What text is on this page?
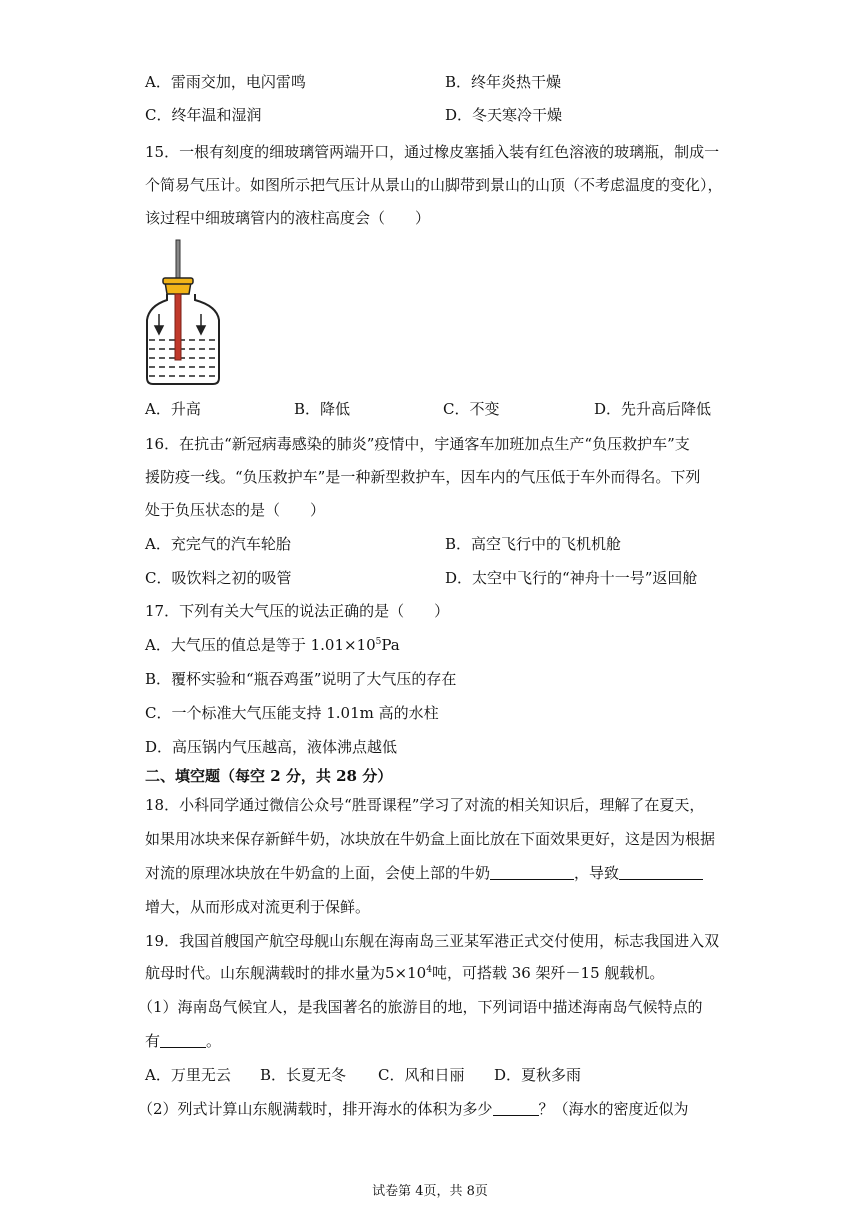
A．雷雨交加，电闪雷鸣	B．终年炎热干燥
C．终年温和湿润	D．冬天寒冷干燥
15．一根有刻度的细玻璃管两端开口，通过橡皮塞插入装有红色溶液的玻璃瓶，制成一
个简易气压计。如图所示把气压计从景山的山脚带到景山的山顶（不考虑温度的变化），
该过程中细玻璃管内的液柱高度会（　　）
A．升高	B．降低	C．不变	D．先升高后降低
16．在抗击“新冠病毒感染的肺炎”疫情中，宇通客车加班加点生产“负压救护车”支
援防疫一线。“负压救护车”是一种新型救护车，因车内的气压低于车外而得名。下列
处于负压状态的是（　　）
A．充完气的汽车轮胎	B．高空飞行中的飞机机舱
C．吸饮料之初的吸管	D．太空中飞行的“神舟十一号”返回舱
17．下列有关大气压的说法正确的是（　　）
A．大气压的值总是等于 $1.01\times 10^5Pa$
B．覆杯实验和“瓶吞鸡蛋”说明了大气压的存在
C．一个标准大气压能支持 1.01m 高的水柱
D．高压锅内气压越高，液体沸点越低
二、填空题（每空 2 分，共 28 分）
18．小科同学通过微信公众号“胜哥课程”学习了对流的相关知识后，理解了在夏天，
如果用冰块来保存新鲜牛奶，冰块放在牛奶盒上面比放在下面效果更好，这是因为根据
对流的原理冰块放在牛奶盒的上面，会使上部的牛奶	，导致
增大，从而形成对流更利于保鲜。
19．我国首艘国产航空母舰山东舰在海南岛三亚某军港正式交付使用，标志我国进入双
航母时代。山东舰满载时的排水量为$5\times 10^4$吨，可搭载 36 架歼－15 舰载机。
（1）海南岛气候宜人，是我国著名的旅游目的地，下列词语中描述海南岛气候特点的
有	。
A．万里无云 B．长夏无冬 C．风和日丽 D．夏秋多雨
（2）列式计算山东舰满载时，排开海水的体积为多少	？（海水的密度近似为
试卷第 4页，共 8页
